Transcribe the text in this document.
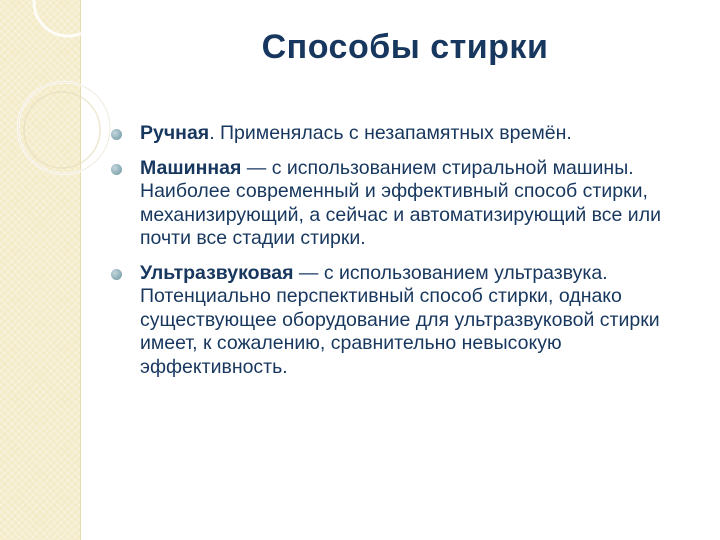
Способы стирки
Ручная. Применялась с незапамятных времён.
Машинная — с использованием стиральной машины. Наиболее современный и эффективный способ стирки, механизирующий, а сейчас и автоматизирующий все или почти все стадии стирки.
Ультразвуковая — с использованием ультразвука. Потенциально перспективный способ стирки, однако существующее оборудование для ультразвуковой стирки имеет, к сожалению, сравнительно невысокую эффективность.
